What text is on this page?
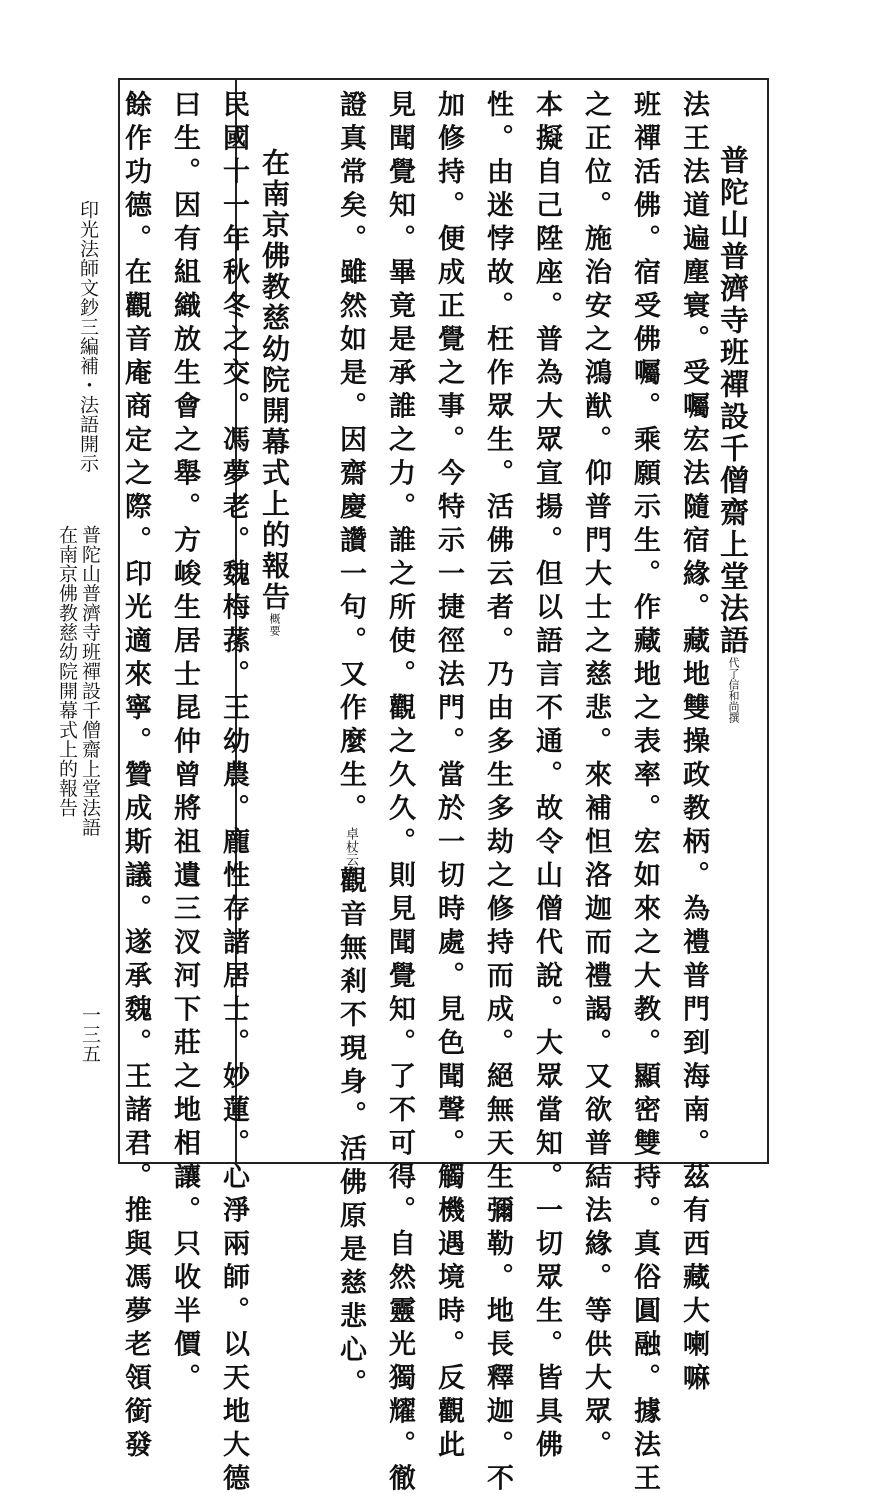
普陀山普濟寺班禪設千僧齋上堂法語代了信和尚撰
法王法道遍塵寰。受囑宏法隨宿緣。藏地雙操政教柄。為禮普門到海南。茲有西藏大喇嘛
班禪活佛。宿受佛囑。乘願示生。作藏地之表率。宏如來之大教。顯密雙持。真俗圓融。據法王
之正位。施治安之鴻猷。仰普門大士之慈悲。來補怛洛迦而禮謁。又欲普結法緣。等供大眾。
本擬自己陞座。普為大眾宣揚。但以語言不通。故令山僧代說。大眾當知。一切眾生。皆具佛
性。由迷悖故。枉作眾生。活佛云者。乃由多生多劫之修持而成。絕無天生彌勒。地長釋迦。不
加修持。便成正覺之事。今特示一捷徑法門。當於一切時處。見色聞聲。觸機遇境時。反觀此
見聞覺知。畢竟是承誰之力。誰之所使。觀之久久。則見聞覺知。了不可得。自然靈光獨耀。徹
證真常矣。雖然如是。因齋慶讚一句。又作麼生。卓杖云觀音無剎不現身。活佛原是慈悲心。
在南京佛教慈幼院開幕式上的報告概要
民國十一年秋冬之交。馮夢老。魏梅蓀。王幼農。龐性存諸居士。妙蓮。心淨兩師。以天地大德
曰生。因有組織放生會之舉。方峻生居士昆仲曾將祖遺三汊河下莊之地相讓。只收半價。
餘作功德。在觀音庵商定之際。印光適來寧。贊成斯議。遂承魏。王諸君。推與馮夢老領銜發
印光法師文鈔三編補・法語開示
普陀山普濟寺班禪設千僧齋上堂法語
在南京佛教慈幼院開幕式上的報告
一三五
